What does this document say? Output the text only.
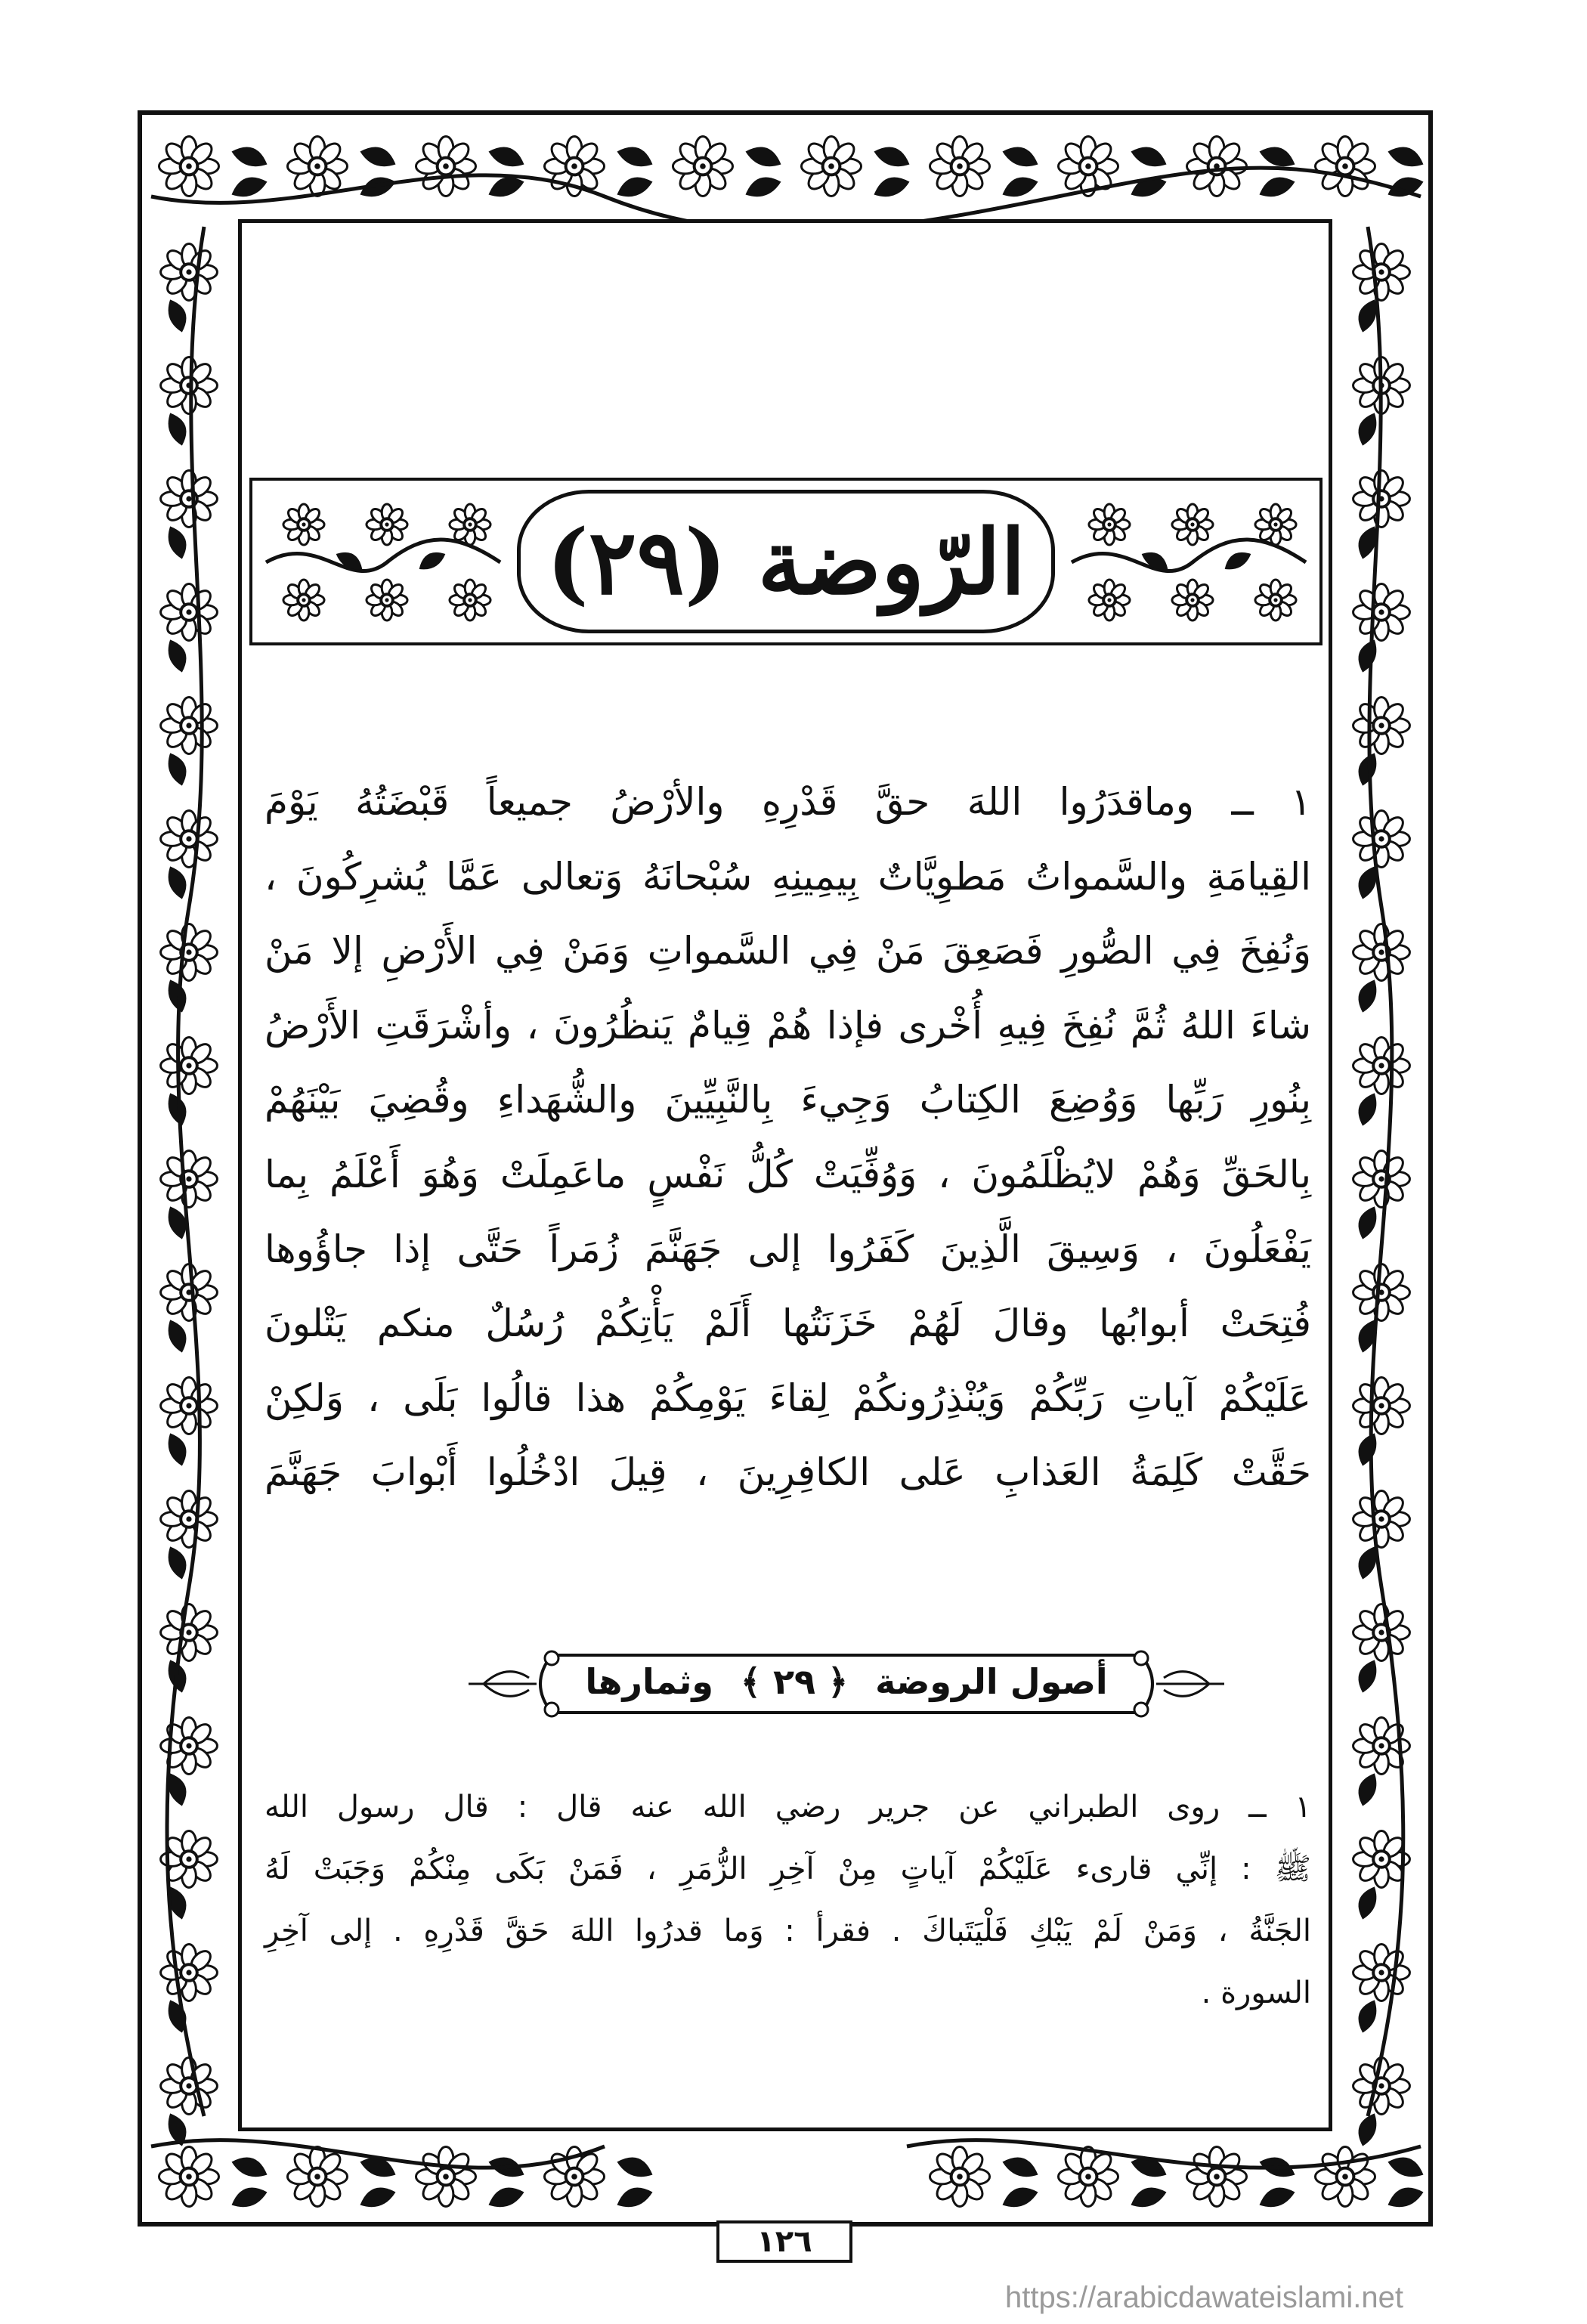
الرّوضة (٢٩)
١ ــ وماقدَرُوا اللهَ حقَّ قَدْرِهِ والأرْضُ جميعاً قَبْضَتُهُ يَوْمَ
القِيامَةِ والسَّمواتُ مَطوِيَّاتٌ بِيمِينِهِ سُبْحانَهُ وَتعالى عَمَّا يُشرِكُونَ ،
وَنُفِخَ فِي الصُّورِ فَصَعِقَ مَنْ فِي السَّمواتِ وَمَنْ فِي الأَرْضِ إلا مَنْ
شاءَ اللهُ ثُمَّ نُفِخَ فِيهِ أُخْرى فإذا هُمْ قِيامٌ يَنظُرُونَ ، وأشْرَقَتِ الأَرْضُ
بِنُورِ رَبِّها وَوُضِعَ الكِتابُ وَجِيءَ بِالنَّبِيِّينَ والشُّهَداءِ وقُضِيَ بَيْنَهُمْ
بِالحَقِّ وَهُمْ لايُظْلَمُونَ ، وَوُفِّيَتْ كُلُّ نَفْسٍ ماعَمِلَتْ وَهُوَ أَعْلَمُ بِما
يَفْعَلُونَ ، وَسِيقَ الَّذِينَ كَفَرُوا إلى جَهَنَّمَ زُمَراً حَتَّى إذا جاؤُوها
فُتِحَتْ أبوابُها وقالَ لَهُمْ خَزَنَتُها أَلَمْ يَأْتِكُمْ رُسُلٌ منكم يَتْلونَ
عَلَيْكُمْ آياتِ رَبِّكُمْ وَيُنْذِرُونكُمْ لِقاءَ يَوْمِكُمْ هذا قالُوا بَلَى ، وَلكِنْ
حَقَّتْ كَلِمَةُ العَذابِ عَلى الكافِرِينَ ، قِيلَ ادْخُلُوا أَبْوابَ جَهَنَّمَ
أصول الروضة ﴿ ٢٩ ﴾ وثمارها
١ ــ روى الطبراني عن جرير رضي الله عنه قال : قال رسول الله
ﷺ : إنِّي قارىء عَلَيْكُمْ آياتٍ مِنْ آخِرِ الزُّمَرِ ، فَمَنْ بَكَى مِنْكُمْ وَجَبَتْ لَهُ
الجَنَّةُ ، وَمَنْ لَمْ يَبْكِ فَلْيَتَباكَ . فقرأ : وَما قدرُوا اللهَ حَقَّ قَدْرِهِ . إلى آخِرِ
السورة .
١٢٦
https://arabicdawateislami.net
